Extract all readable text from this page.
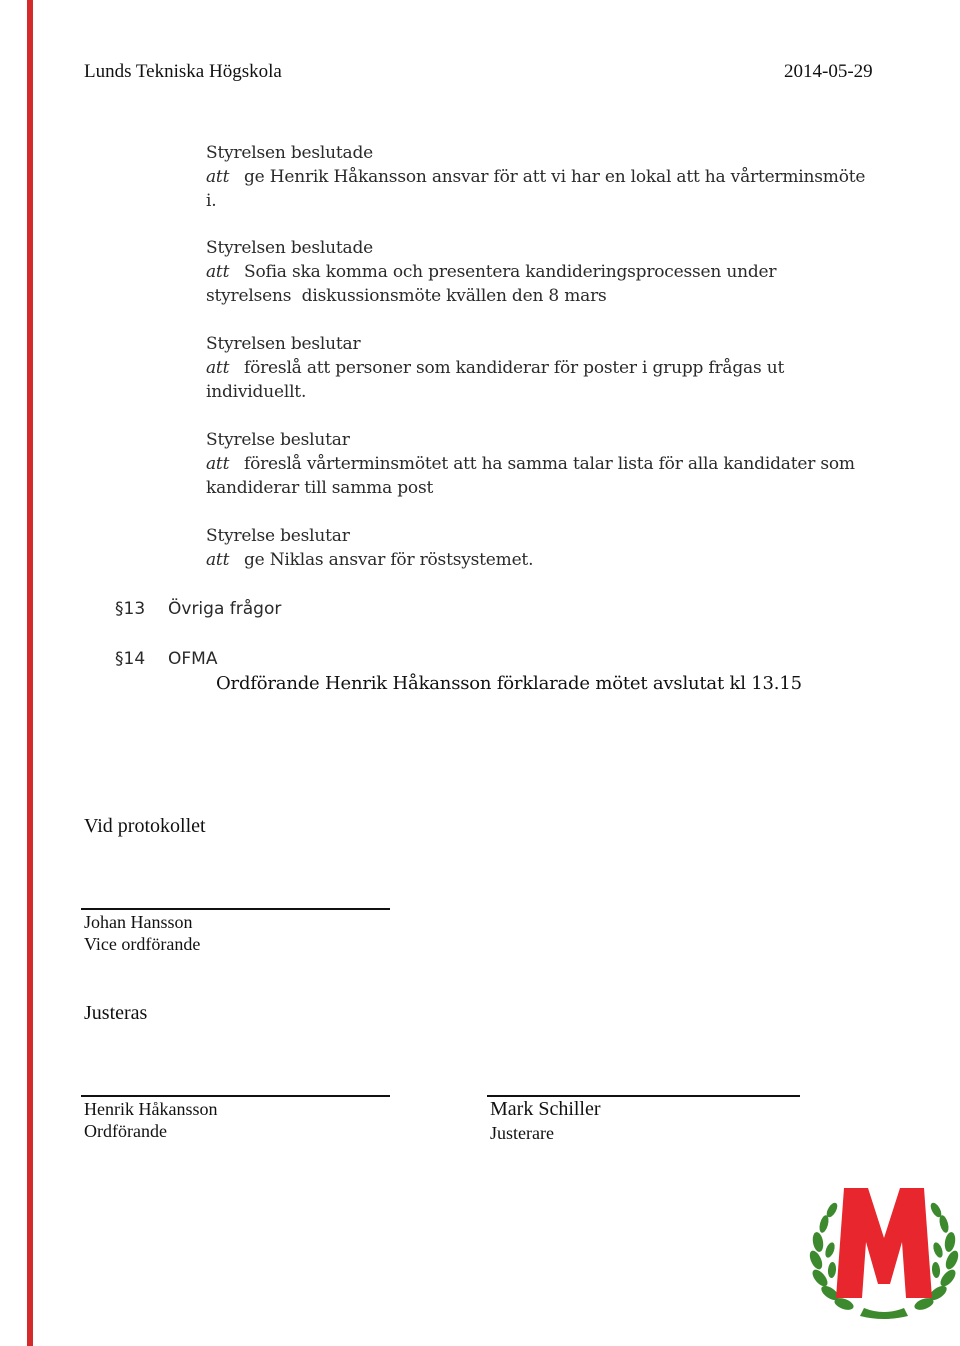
Lunds Tekniska Högskola	2014-05-29
Styrelsen beslutade
att ge Henrik Håkansson ansvar för att vi har en lokal att ha vårterminsmöte
i.
Styrelsen beslutade
att Sofia ska komma och presentera kandideringsprocessen under
styrelsens  diskussionsmöte kvällen den 8 mars
Styrelsen beslutar
att föreslå att personer som kandiderar för poster i grupp frågas ut
individuellt.
Styrelse beslutar
att föreslå vårterminsmötet att ha samma talar lista för alla kandidater som
kandiderar till samma post
Styrelse beslutar
att ge Niklas ansvar för röstsystemet.
§13 Övriga frågor
§14 OFMA
Ordförande Henrik Håkansson förklarade mötet avslutat kl 13.15
Vid protokollet
Johan Hansson
Vice ordförande
Justeras
Henrik Håkansson
Ordförande
Mark Schiller
Justerare
